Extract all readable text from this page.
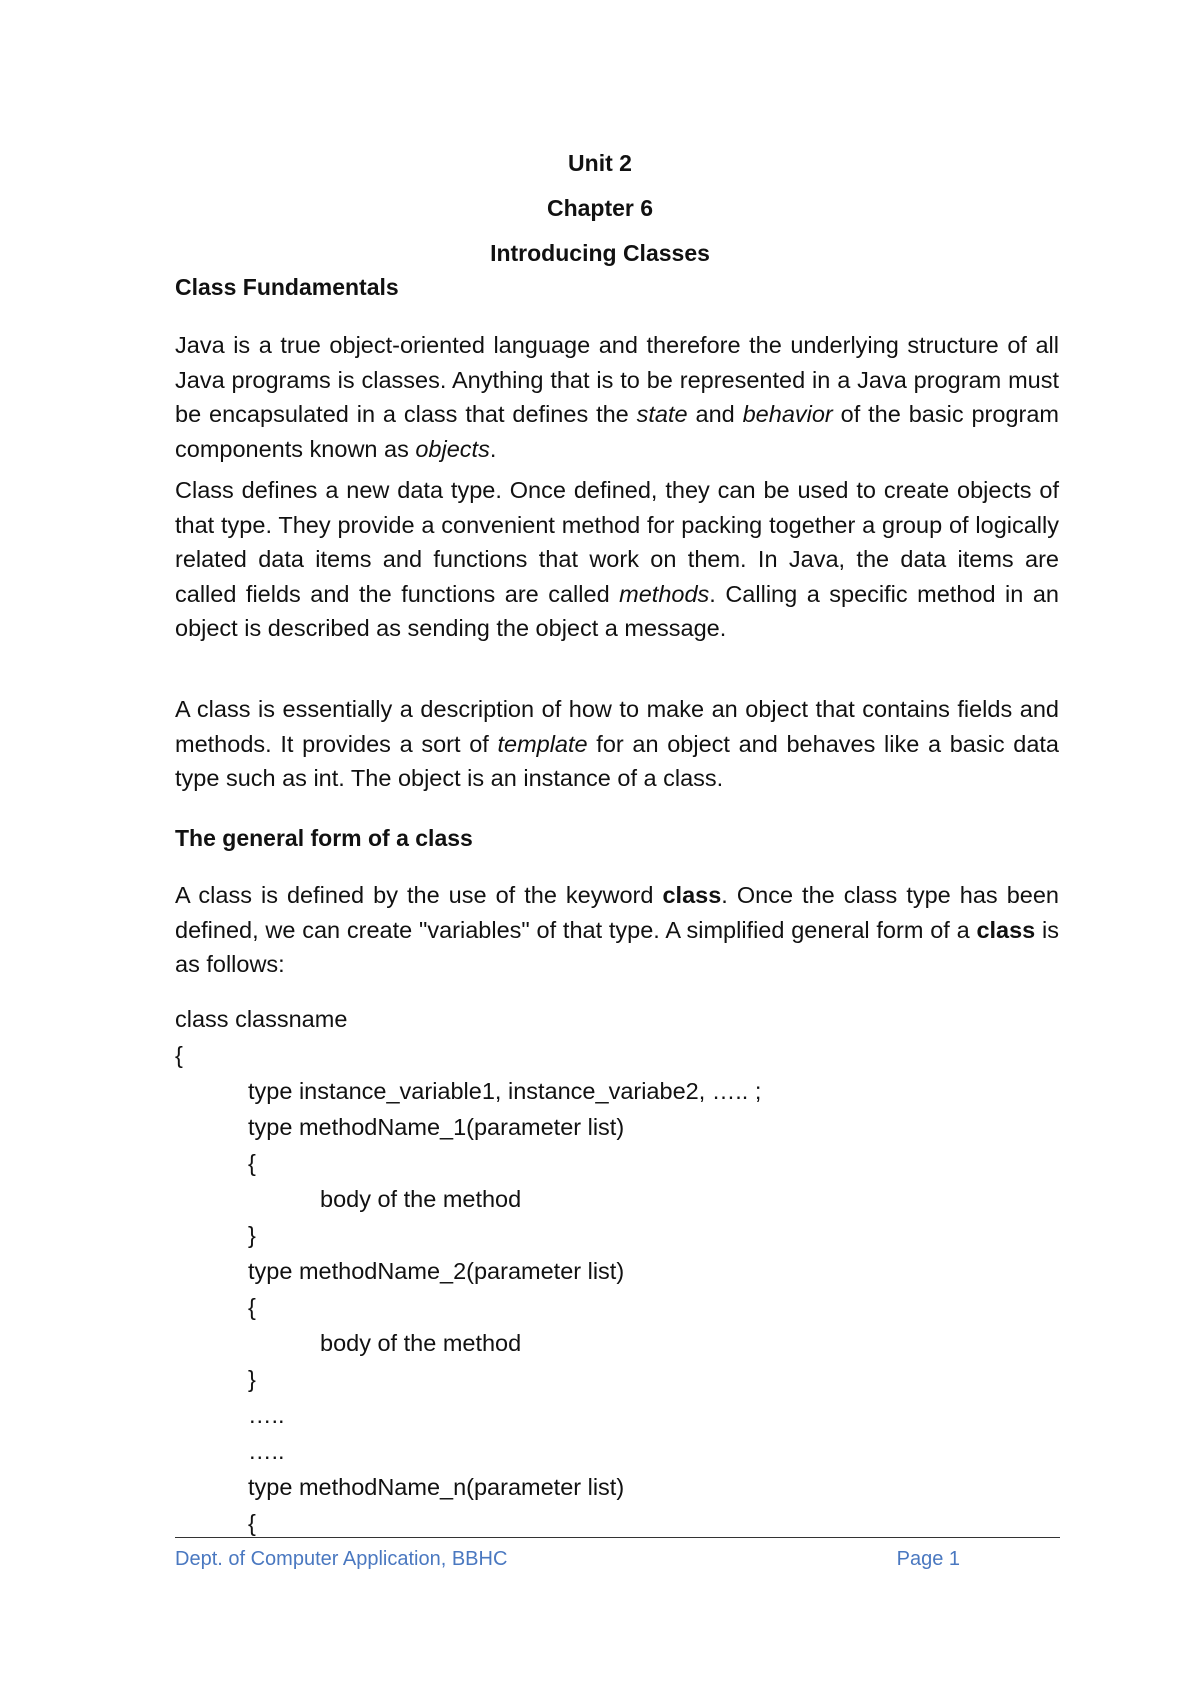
Unit 2
Chapter 6
Introducing Classes
Class Fundamentals

Java is a true object-oriented language and therefore the underlying structure of all Java programs is classes. Anything that is to be represented in a Java program must be encapsulated in a class that defines the state and behavior of the basic program components known as objects.

Class defines a new data type. Once defined, they can be used to create objects of that type. They provide a convenient method for packing together a group of logically related data items and functions that work on them. In Java, the data items are called fields and the functions are called methods. Calling a specific method in an object is described as sending the object a message.

A class is essentially a description of how to make an object that contains fields and methods. It provides a sort of template for an object and behaves like a basic data type such as int. The object is an instance of a class.

The general form of a class

A class is defined by the use of the keyword class. Once the class type has been defined, we can create "variables" of that type. A simplified general form of a class is as follows:

class classname
{
type instance_variable1, instance_variabe2, ….. ;
type methodName_1(parameter list)
{
body of the method
}
type methodName_2(parameter list)
{
body of the method
}
…..
…..
type methodName_n(parameter list)
{
Dept. of Computer Application, BBHC	Page 1
